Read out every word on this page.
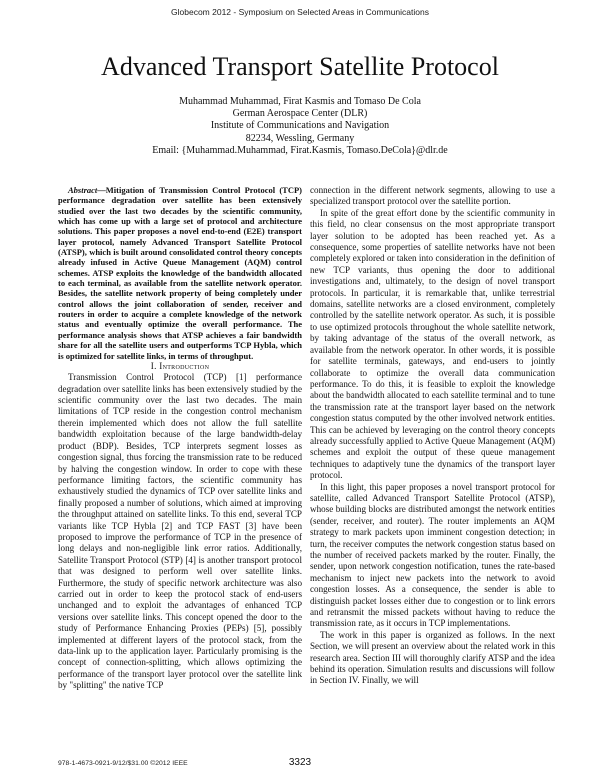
Globecom 2012 - Symposium on Selected Areas in Communications
Advanced Transport Satellite Protocol
Muhammad Muhammad, Firat Kasmis and Tomaso De Cola
German Aerospace Center (DLR)
Institute of Communications and Navigation
82234, Wessling, Germany
Email: {Muhammad.Muhammad, Firat.Kasmis, Tomaso.DeCola}@dlr.de

Abstract—Mitigation of Transmission Control Protocol (TCP) performance degradation over satellite has been extensively studied over the last two decades by the scientific community, which has come up with a large set of protocol and architecture solutions. This paper proposes a novel end-to-end (E2E) transport layer protocol, namely Advanced Transport Satellite Protocol (ATSP), which is built around consolidated control theory concepts already infused in Active Queue Management (AQM) control schemes. ATSP exploits the knowledge of the bandwidth allocated to each terminal, as available from the satellite network operator. Besides, the satellite network property of being completely under control allows the joint collaboration of sender, receiver and routers in order to acquire a complete knowledge of the network status and eventually optimize the overall performance. The performance analysis shows that ATSP achieves a fair bandwidth share for all the satellite users and outperforms TCP Hybla, which is optimized for satellite links, in terms of throughput.

I. Introduction

Transmission Control Protocol (TCP) [1] performance degradation over satellite links has been extensively studied by the scientific community over the last two decades. The main limitations of TCP reside in the congestion control mechanism therein implemented which does not allow the full satellite bandwidth exploitation because of the large bandwidth-delay product (BDP). Besides, TCP interprets segment losses as congestion signal, thus forcing the transmission rate to be reduced by halving the congestion window. In order to cope with these performance limiting factors, the scientific community has exhaustively studied the dynamics of TCP over satellite links and finally proposed a number of solutions, which aimed at improving the throughput attained on satellite links. To this end, several TCP variants like TCP Hybla [2] and TCP FAST [3] have been proposed to improve the performance of TCP in the presence of long delays and non-negligible link error ratios. Additionally, Satellite Transport Protocol (STP) [4] is another transport protocol that was designed to perform well over satellite links. Furthermore, the study of specific network architecture was also carried out in order to keep the protocol stack of end-users unchanged and to exploit the advantages of enhanced TCP versions over satellite links. This concept opened the door to the study of Performance Enhancing Proxies (PEPs) [5], possibly implemented at different layers of the protocol stack, from the data-link up to the application layer. Particularly promising is the concept of connection-splitting, which allows optimizing the performance of the transport layer protocol over the satellite link by "splitting" the native TCP

connection in the different network segments, allowing to use a specialized transport protocol over the satellite portion.

In spite of the great effort done by the scientific community in this field, no clear consensus on the most appropriate transport layer solution to be adopted has been reached yet. As a consequence, some properties of satellite networks have not been completely explored or taken into consideration in the definition of new TCP variants, thus opening the door to additional investigations and, ultimately, to the design of novel transport protocols. In particular, it is remarkable that, unlike terrestrial domains, satellite networks are a closed environment, completely controlled by the satellite network operator. As such, it is possible to use optimized protocols throughout the whole satellite network, by taking advantage of the status of the overall network, as available from the network operator. In other words, it is possible for satellite terminals, gateways, and end-users to jointly collaborate to optimize the overall data communication performance. To do this, it is feasible to exploit the knowledge about the bandwidth allocated to each satellite terminal and to tune the transmission rate at the transport layer based on the network congestion status computed by the other involved network entities. This can be achieved by leveraging on the control theory concepts already successfully applied to Active Queue Management (AQM) schemes and exploit the output of these queue management techniques to adaptively tune the dynamics of the transport layer protocol.

In this light, this paper proposes a novel transport protocol for satellite, called Advanced Transport Satellite Protocol (ATSP), whose building blocks are distributed amongst the network entities (sender, receiver, and router). The router implements an AQM strategy to mark packets upon imminent congestion detection; in turn, the receiver computes the network congestion status based on the number of received packets marked by the router. Finally, the sender, upon network congestion notification, tunes the rate-based mechanism to inject new packets into the network to avoid congestion losses. As a consequence, the sender is able to distinguish packet losses either due to congestion or to link errors and retransmit the missed packets without having to reduce the transmission rate, as it occurs in TCP implementations.

The work in this paper is organized as follows. In the next Section, we will present an overview about the related work in this research area. Section III will thoroughly clarify ATSP and the idea behind its operation. Simulation results and discussions will follow in Section IV. Finally, we will

978-1-4673-0921-9/12/$31.00 ©2012 IEEE	3323
